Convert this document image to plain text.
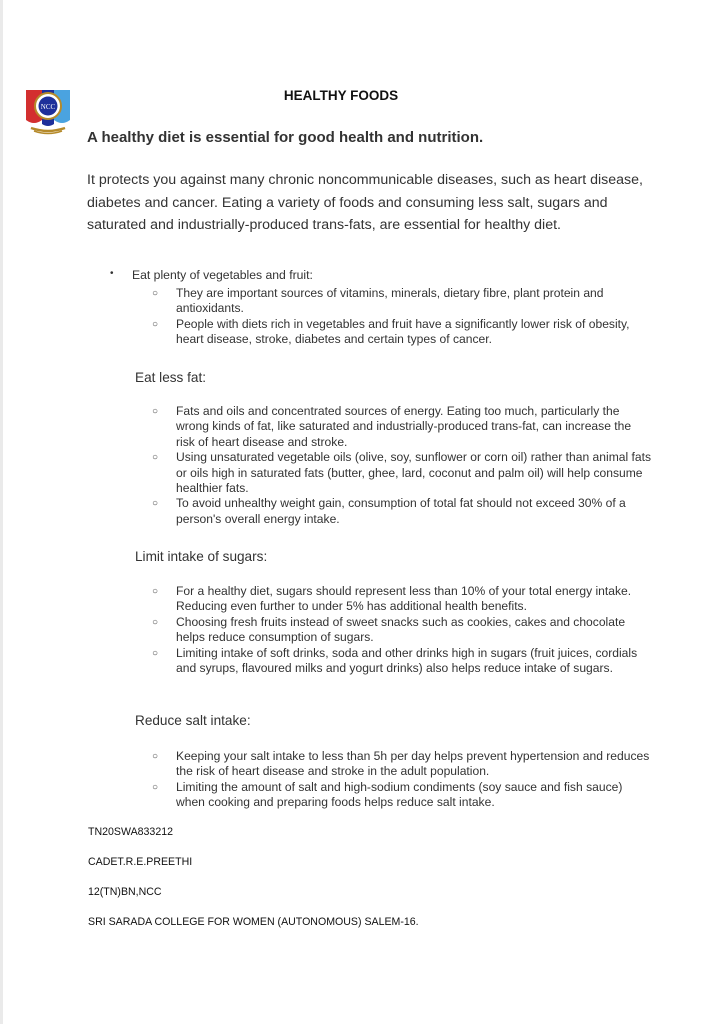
NCC
HEALTHY FOODS
A healthy diet is essential for good health and nutrition.
It protects you against many chronic noncommunicable diseases, such as heart disease, diabetes and cancer. Eating a variety of foods and consuming less salt, sugars and saturated and industrially-produced trans-fats, are essential for healthy diet.
• Eat plenty of vegetables and fruit:
○ They are important sources of vitamins, minerals, dietary fibre, plant protein and antioxidants.
○ People with diets rich in vegetables and fruit have a significantly lower risk of obesity, heart disease, stroke, diabetes and certain types of cancer.
Eat less fat:
○ Fats and oils and concentrated sources of energy. Eating too much, particularly the wrong kinds of fat, like saturated and industrially-produced trans-fat, can increase the risk of heart disease and stroke.
○ Using unsaturated vegetable oils (olive, soy, sunflower or corn oil) rather than animal fats or oils high in saturated fats (butter, ghee, lard, coconut and palm oil) will help consume healthier fats.
○ To avoid unhealthy weight gain, consumption of total fat should not exceed 30% of a person's overall energy intake.
Limit intake of sugars:
○ For a healthy diet, sugars should represent less than 10% of your total energy intake. Reducing even further to under 5% has additional health benefits.
○ Choosing fresh fruits instead of sweet snacks such as cookies, cakes and chocolate helps reduce consumption of sugars.
○ Limiting intake of soft drinks, soda and other drinks high in sugars (fruit juices, cordials and syrups, flavoured milks and yogurt drinks) also helps reduce intake of sugars.
Reduce salt intake:
○ Keeping your salt intake to less than 5h per day helps prevent hypertension and reduces the risk of heart disease and stroke in the adult population.
○ Limiting the amount of salt and high-sodium condiments (soy sauce and fish sauce) when cooking and preparing foods helps reduce salt intake.
TN20SWA833212
CADET.R.E.PREETHI
12(TN)BN,NCC
SRI SARADA COLLEGE FOR WOMEN (AUTONOMOUS) SALEM-16.
